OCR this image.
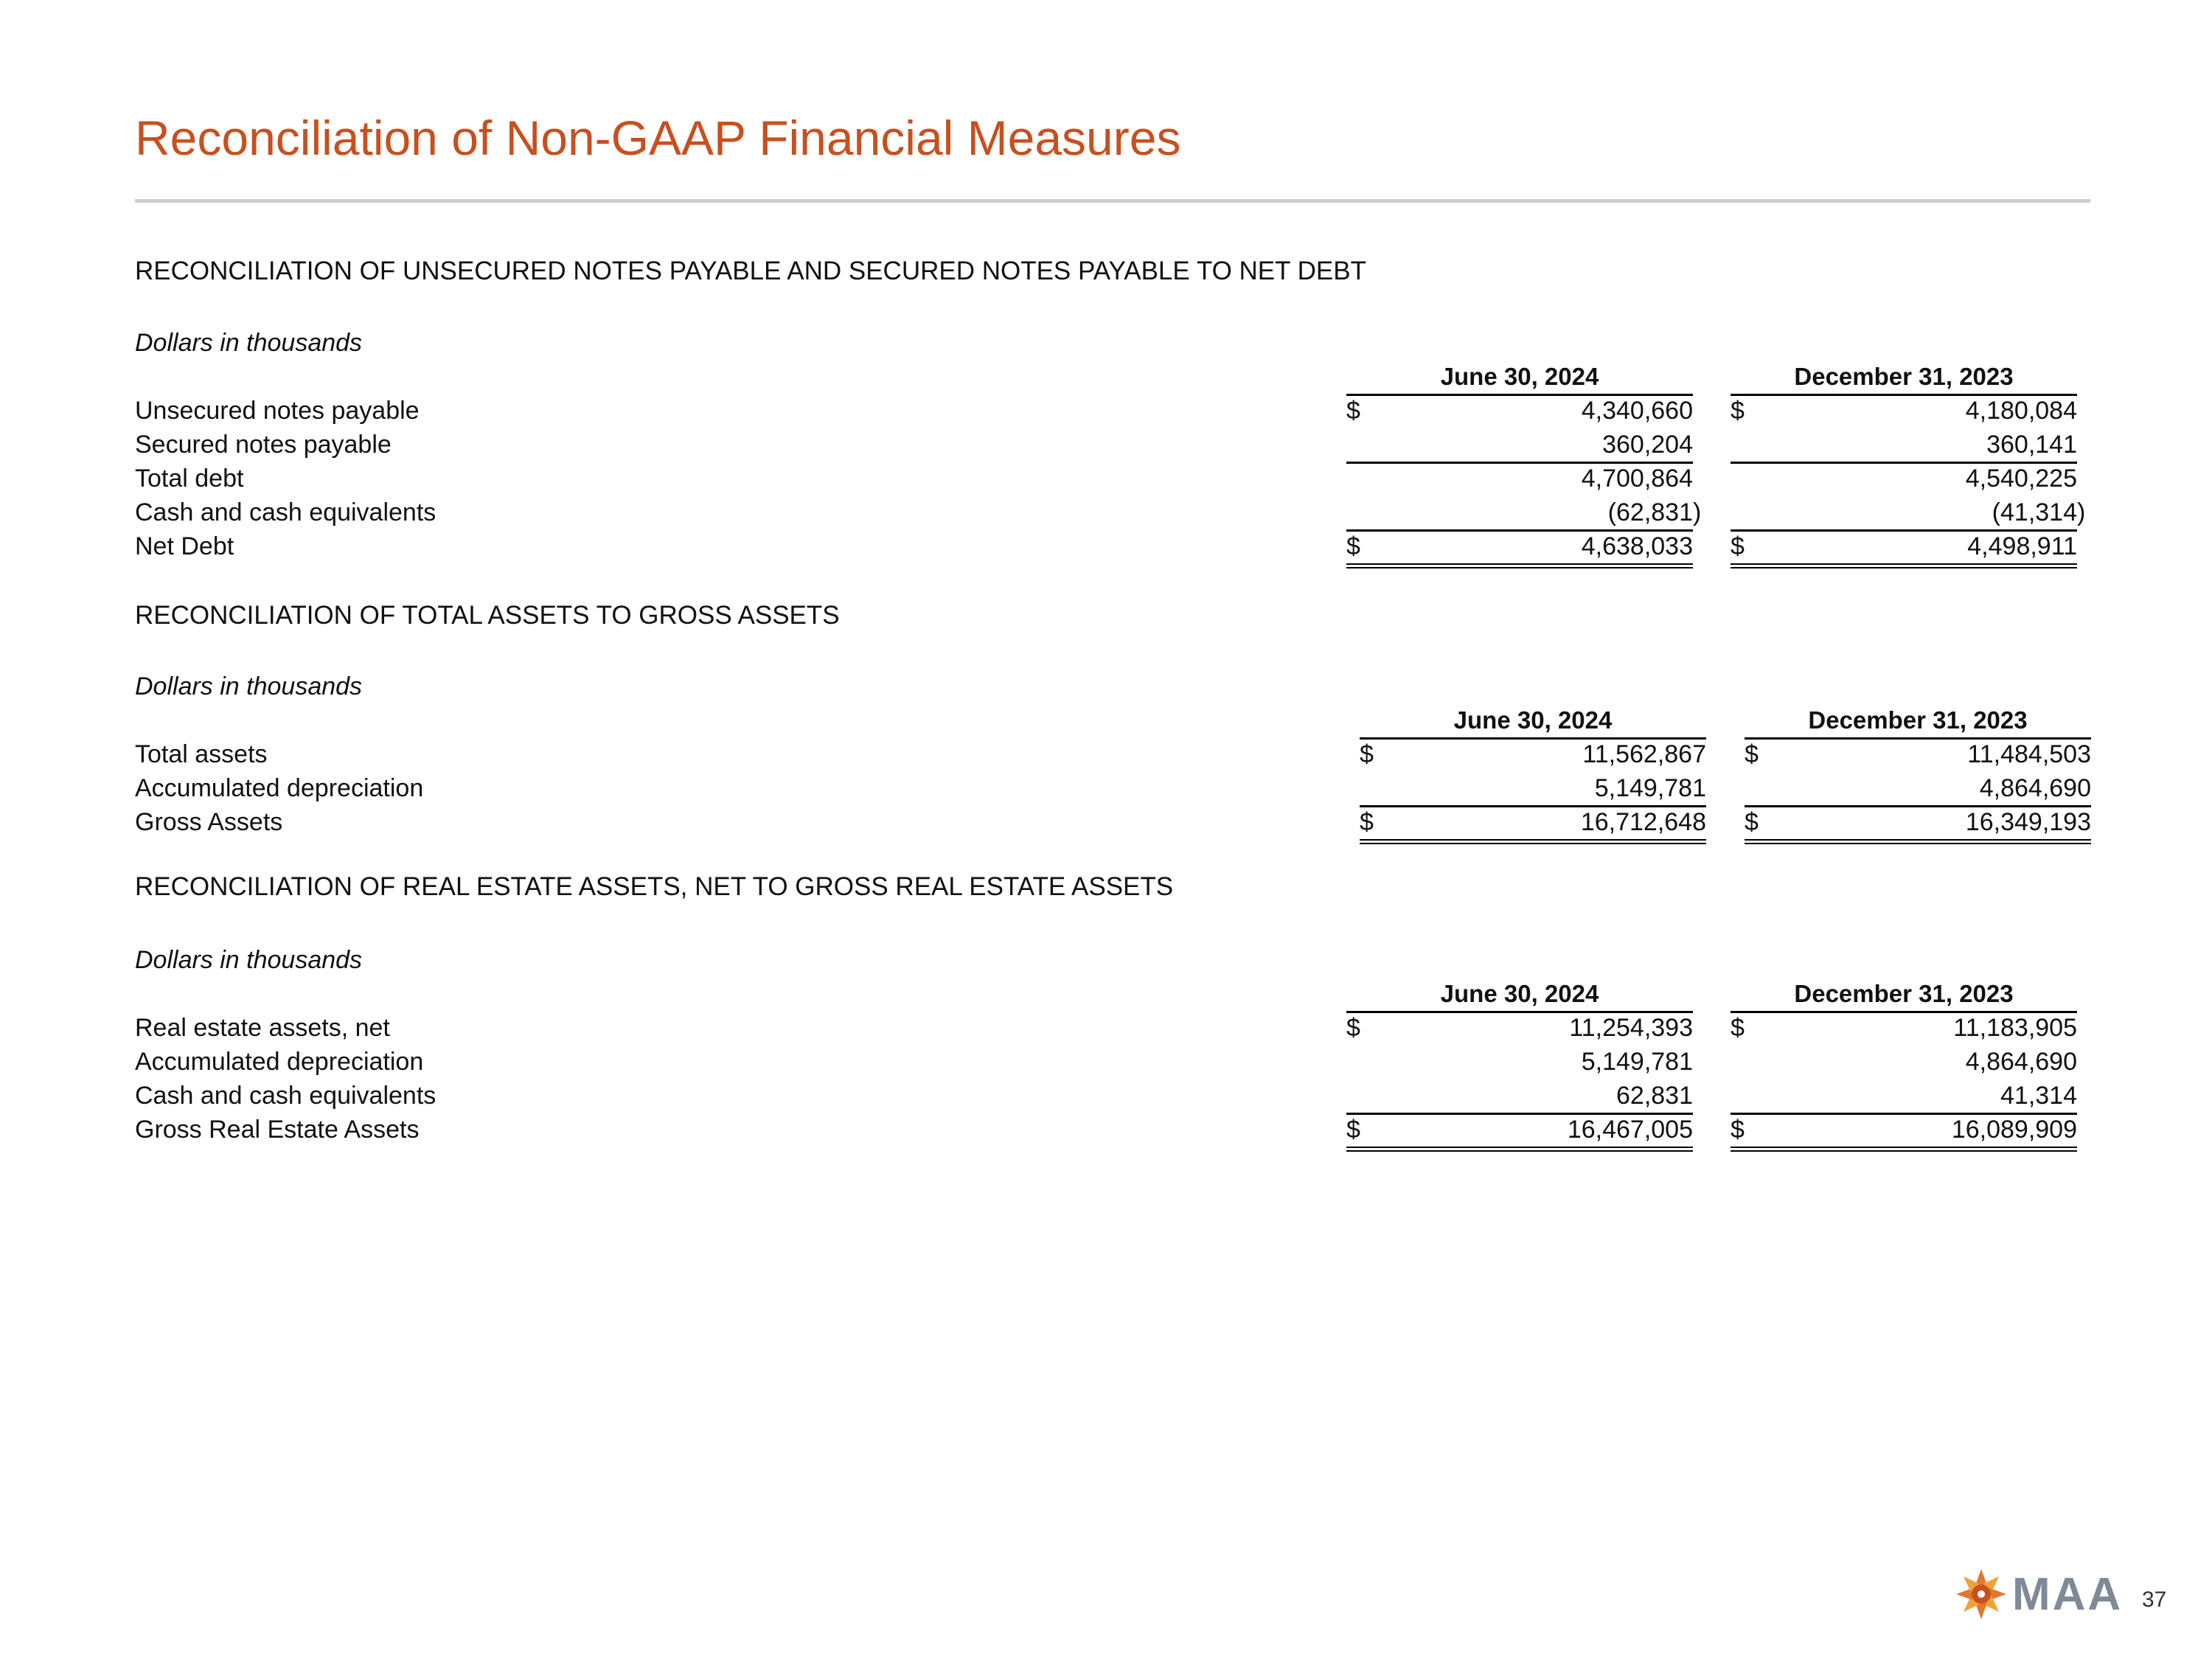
Reconciliation of Non-GAAP Financial Measures
RECONCILIATION OF UNSECURED NOTES PAYABLE AND SECURED NOTES PAYABLE TO NET DEBT
Dollars in thousands
June 30, 2024	December 31, 2023
Unsecured notes payable	$	4,340,660 $	4,180,084
Secured notes payable	360,204	360,141
Total debt	4,700,864	4,540,225
Cash and cash equivalents	(62,831 )	(41,314 )
Net Debt	$	4,638,033 $	4,498,911
RECONCILIATION OF TOTAL ASSETS TO GROSS ASSETS
Dollars in thousands
June 30, 2024	December 31, 2023
Total assets	$	11,562,867 $	11,484,503
Accumulated depreciation	5,149,781	4,864,690
Gross Assets	$	16,712,648 $	16,349,193
RECONCILIATION OF REAL ESTATE ASSETS, NET TO GROSS REAL ESTATE ASSETS
Dollars in thousands
June 30, 2024	December 31, 2023
Real estate assets, net	$	11,254,393 $	11,183,905
Accumulated depreciation	5,149,781	4,864,690
Cash and cash equivalents	62,831	41,314
Gross Real Estate Assets	$	16,467,005 $	16,089,909
MAA 37
